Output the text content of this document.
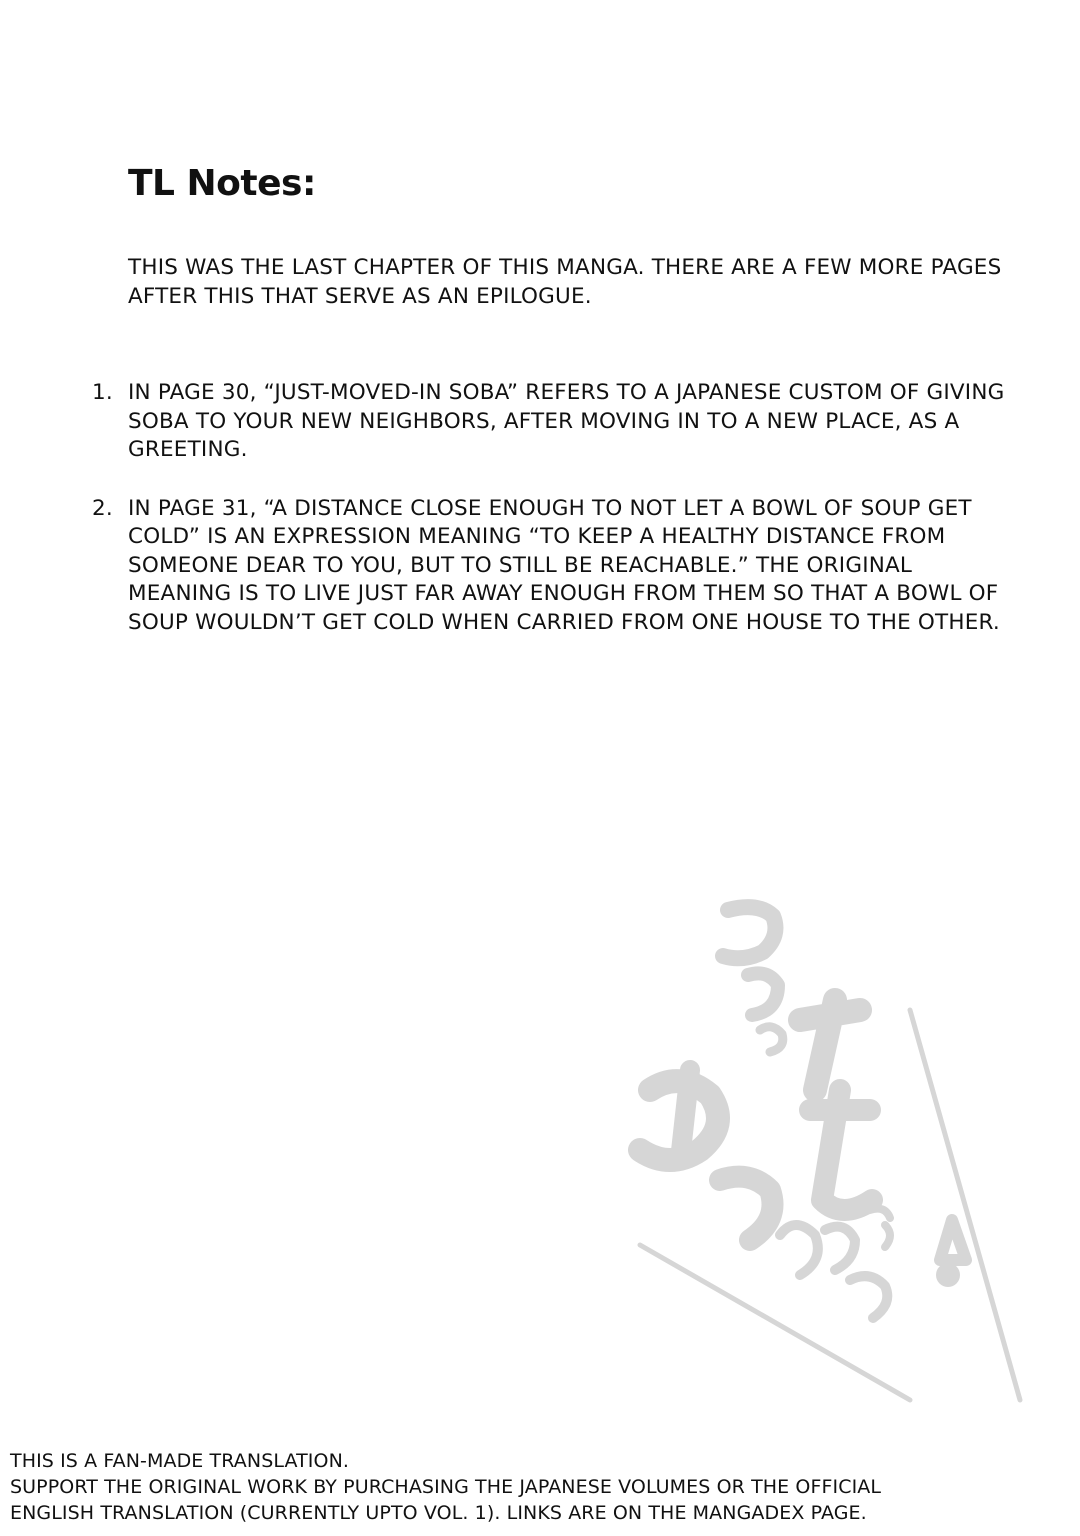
TL Notes:

THIS WAS THE LAST CHAPTER OF THIS MANGA. THERE ARE A FEW MORE PAGES AFTER THIS THAT SERVE AS AN EPILOGUE.

1. IN PAGE 30, “JUST-MOVED-IN SOBA” REFERS TO A JAPANESE CUSTOM OF GIVING SOBA TO YOUR NEW NEIGHBORS, AFTER MOVING IN TO A NEW PLACE, AS A GREETING.
2. IN PAGE 31, “A DISTANCE CLOSE ENOUGH TO NOT LET A BOWL OF SOUP GET COLD” IS AN EXPRESSION MEANING “TO KEEP A HEALTHY DISTANCE FROM SOMEONE DEAR TO YOU, BUT TO STILL BE REACHABLE.” THE ORIGINAL MEANING IS TO LIVE JUST FAR AWAY ENOUGH FROM THEM SO THAT A BOWL OF SOUP WOULDN’T GET COLD WHEN CARRIED FROM ONE HOUSE TO THE OTHER.
THIS IS A FAN-MADE TRANSLATION.
SUPPORT THE ORIGINAL WORK BY PURCHASING THE JAPANESE VOLUMES OR THE OFFICIAL
ENGLISH TRANSLATION (CURRENTLY UPTO VOL. 1). LINKS ARE ON THE MANGADEX PAGE.
